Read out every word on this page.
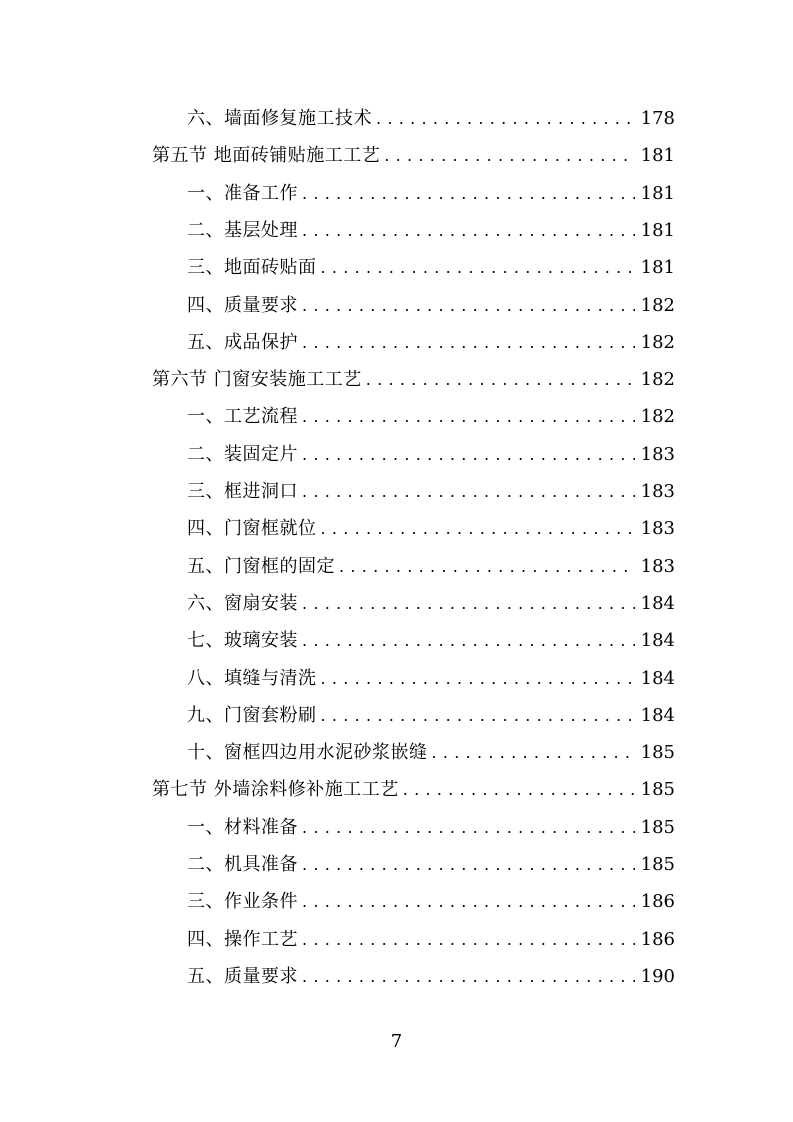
六、墙面修复施工技术 . . .	178
第五节 地面砖铺贴施工工艺 . . .	181
一、准备工作 . . .	181
二、基层处理 . . .	181
三、地面砖贴面 . . .	181
四、质量要求 . . .	182
五、成品保护 . . .	182
第六节 门窗安装施工工艺 . . .	182
一、工艺流程 . . .	182
二、装固定片 . . .	183
三、框进洞口 . . .	183
四、门窗框就位 . . .	183
五、门窗框的固定 . . .	183
六、窗扇安装 . . .	184
七、玻璃安装 . . .	184
八、填缝与清洗 . . .	184
九、门窗套粉刷 . . .	184
十、窗框四边用水泥砂浆嵌缝 . . .	185
第七节 外墙涂料修补施工工艺 . . .	185
一、材料准备 . . .	185
二、机具准备 . . .	185
三、作业条件 . . .	186
四、操作工艺 . . .	186
五、质量要求 . . .	190
7
